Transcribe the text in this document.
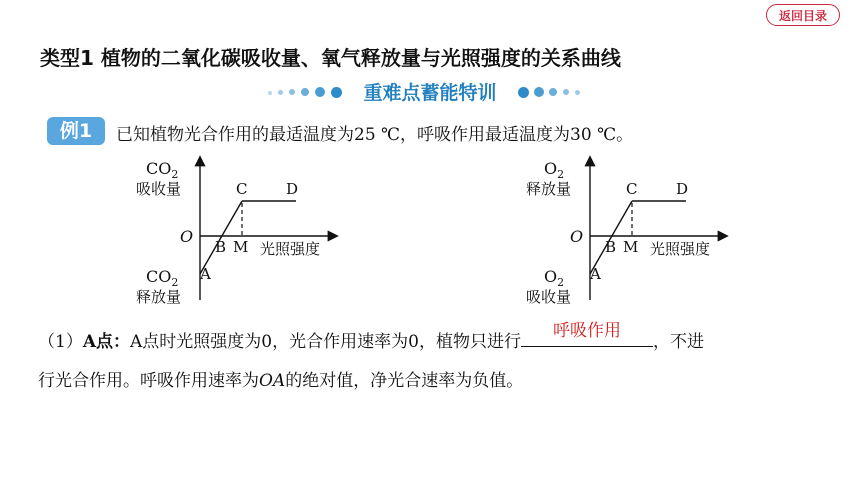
返回目录
类型1 植物的二氧化碳吸收量、氧气释放量与光照强度的关系曲线
重难点蓄能特训
例1	已知植物光合作用的最适温度为25 ℃，呼吸作用最适温度为30 ℃。
$CO_2$
吸收量
O
A
B M
C	D
光照强度
$CO_2$
释放量
$O_2$
释放量
O
A
B M
C	D
光照强度
$O_2$
吸收量
（1）A点：A点时光照强度为0，光合作用速率为0，植物只进行
呼吸作用
，不进
行光合作用。呼吸作用速率为OA的绝对值，净光合速率为负值。
